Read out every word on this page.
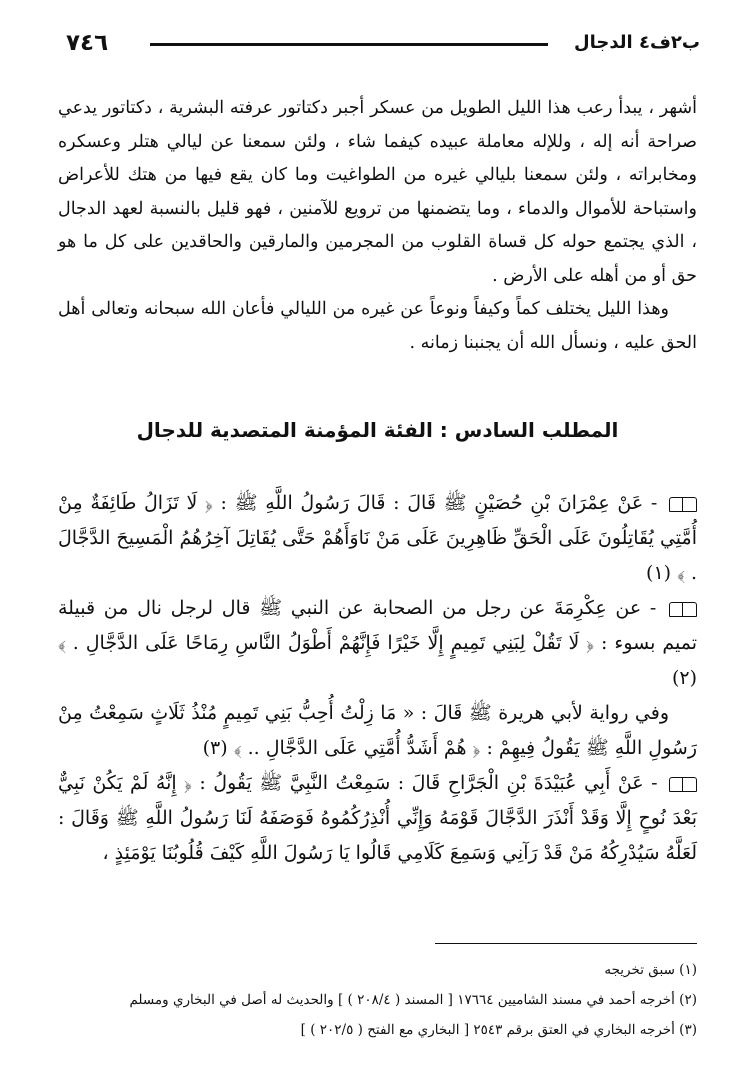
٧٤٦	ب٢ف٤ الدجال

أشهر ، يبدأ رعب هذا الليل الطويل من عسكر أجبر دكتاتور عرفته البشرية ، دكتاتور يدعي صراحة أنه إله ، وللإله معاملة عبيده كيفما شاء ، ولئن سمعنا عن ليالي هتلر وعسكره ومخابراته ، ولئن سمعنا بليالي غيره من الطواغيت وما كان يقع فيها من هتك للأعراض واستباحة للأموال والدماء ، وما يتضمنها من ترويع للآمنين ، فهو قليل بالنسبة لعهد الدجال ، الذي يجتمع حوله كل قساة القلوب من المجرمين والمارقين والحاقدين على كل ما هو حق أو من أهله على الأرض .

وهذا الليل يختلف كماً وكيفاً ونوعاً عن غيره من الليالي فأعان الله سبحانه وتعالى أهل الحق عليه ، ونسأل الله أن يجنبنا زمانه .

المطلب السادس : الفئة المؤمنة المتصدية للدجال

- عَنْ عِمْرَانَ بْنِ حُصَيْنٍ ﷺ قَالَ : قَالَ رَسُولُ اللَّهِ ﷺ : ﴿ لَا تَزَالُ طَائِفَةٌ مِنْ أُمَّتِي يُقَاتِلُونَ عَلَى الْحَقِّ ظَاهِرِينَ عَلَى مَنْ نَاوَأَهُمْ حَتَّى يُقَاتِلَ آخِرُهُمُ الْمَسِيحَ الدَّجَّالَ . ﴾ (١)

- عن عِكْرِمَةَ عن رجل من الصحابة عن النبي ﷺ قال لرجل نال من قبيلة تميم بسوء : ﴿ لَا تَقُلْ لِبَنِي تَمِيمٍ إِلَّا خَيْرًا فَإِنَّهُمْ أَطْوَلُ النَّاسِ رِمَاحًا عَلَى الدَّجَّالِ . ﴾ (٢)

وفي رواية لأبي هريرة ﷺ قَالَ : « مَا زِلْتُ أُحِبُّ بَنِي تَمِيمٍ مُنْذُ ثَلَاثٍ سَمِعْتُ مِنْ رَسُولِ اللَّهِ ﷺ يَقُولُ فِيهِمْ : ﴿ هُمْ أَشَدُّ أُمَّتِي عَلَى الدَّجَّالِ .. ﴾ (٣)

- عَنْ أَبِي عُبَيْدَةَ بْنِ الْجَرَّاحِ قَالَ : سَمِعْتُ النَّبِيَّ ﷺ يَقُولُ : ﴿ إِنَّهُ لَمْ يَكُنْ نَبِيٌّ بَعْدَ نُوحٍ إِلَّا وَقَدْ أَنْذَرَ الدَّجَّالَ قَوْمَهُ وَإِنِّي أُنْذِرُكُمُوهُ فَوَصَفَهُ لَنَا رَسُولُ اللَّهِ ﷺ وَقَالَ : لَعَلَّهُ سَيُدْرِكُهُ مَنْ قَدْ رَآنِي وَسَمِعَ كَلَامِي قَالُوا يَا رَسُولَ اللَّهِ كَيْفَ قُلُوبُنَا يَوْمَئِذٍ ،

(١) سبق تخريجه
(٢) أخرجه أحمد في مسند الشاميين ١٧٦٦٤ [ المسند ( ٢٠٨/٤ ) ] والحديث له أصل في البخاري ومسلم
(٣) أخرجه البخاري في العتق برقم ٢٥٤٣ [ البخاري مع الفتح ( ٢٠٢/٥ ) ]
